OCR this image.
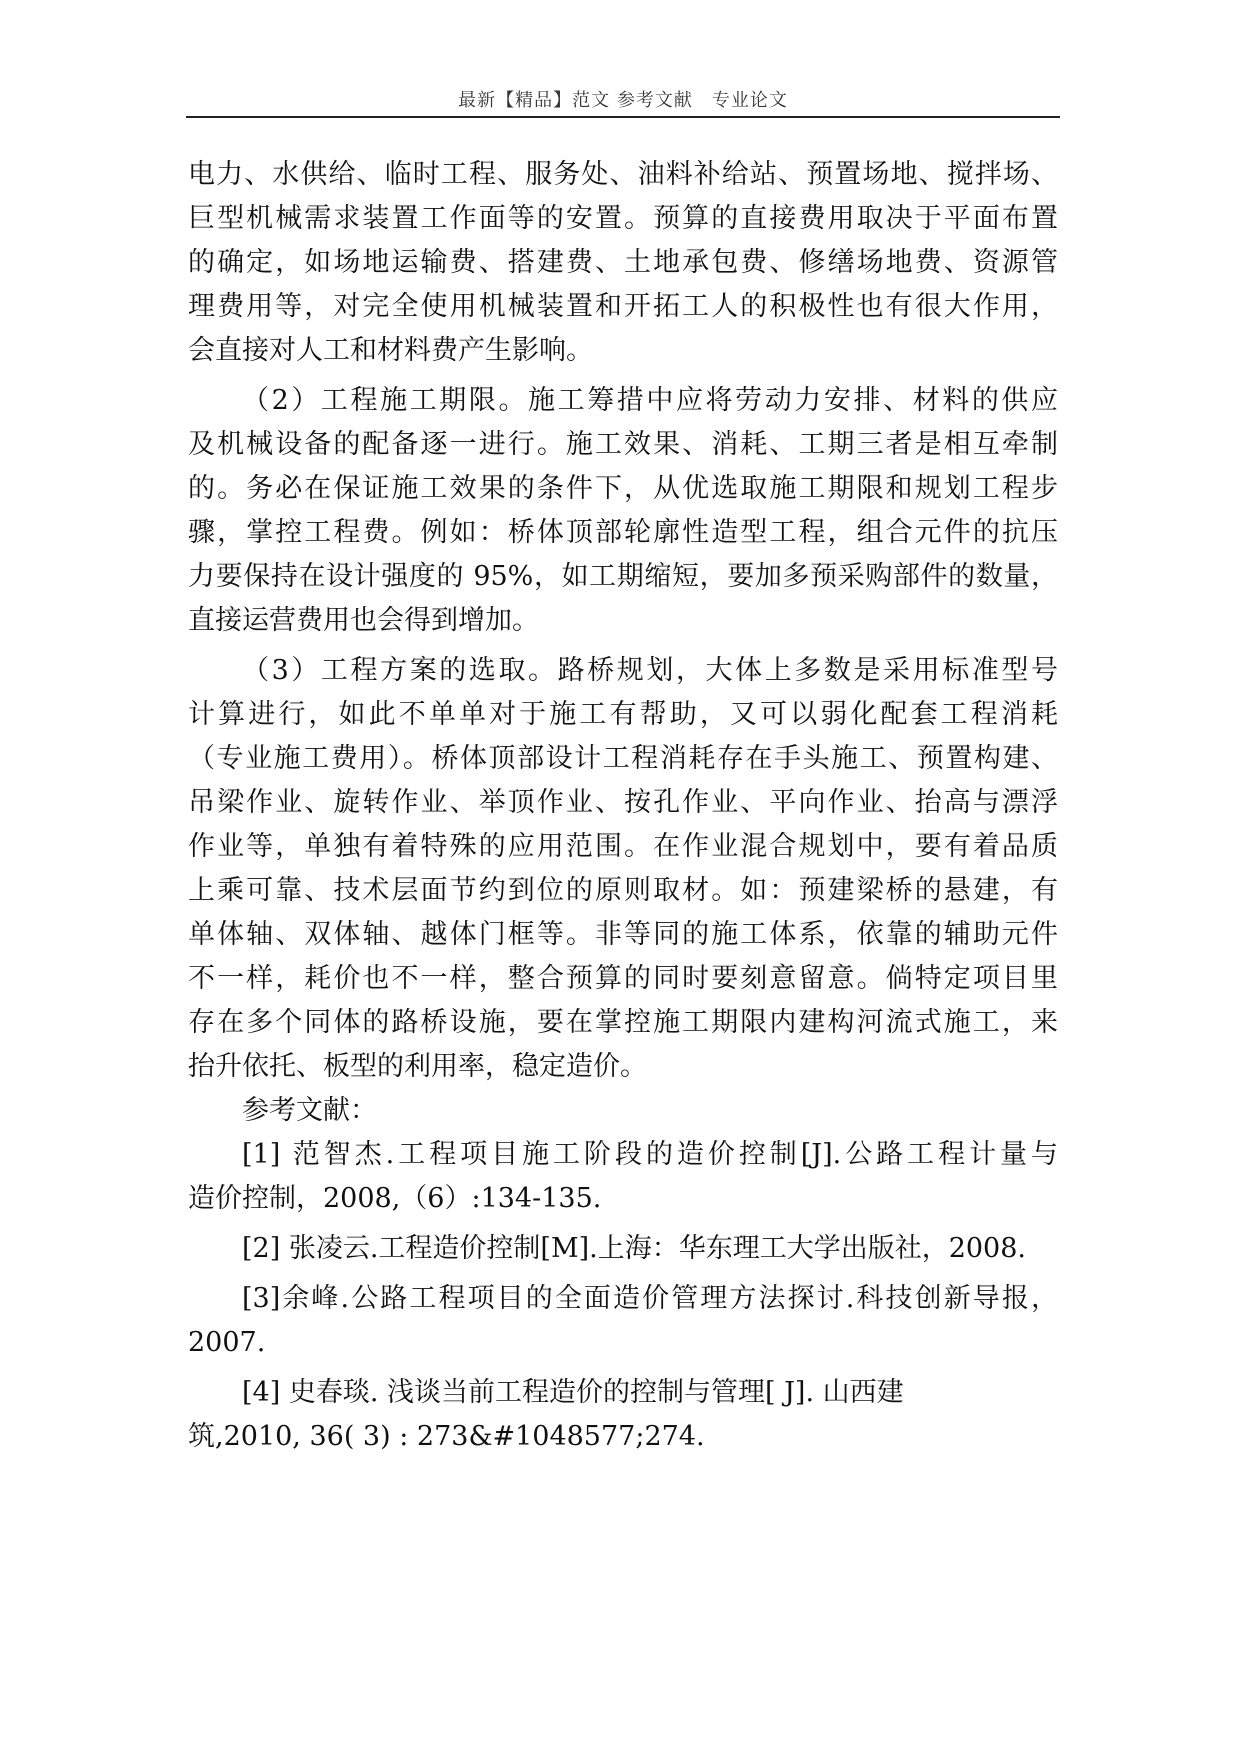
最新【精品】范文 参考文献　专业论文
电力、水供给、临时工程、服务处、油料补给站、预置场地、搅拌场、
巨型机械需求装置工作面等的安置。预算的直接费用取决于平面布置
的确定，如场地运输费、搭建费、土地承包费、修缮场地费、资源管
理费用等，对完全使用机械装置和开拓工人的积极性也有很大作用，
会直接对人工和材料费产生影响。
（2）工程施工期限。施工筹措中应将劳动力安排、材料的供应
及机械设备的配备逐一进行。施工效果、消耗、工期三者是相互牵制
的。务必在保证施工效果的条件下，从优选取施工期限和规划工程步
骤，掌控工程费。例如：桥体顶部轮廓性造型工程，组合元件的抗压
力要保持在设计强度的 95%，如工期缩短，要加多预采购部件的数量，
直接运营费用也会得到增加。
（3）工程方案的选取。路桥规划，大体上多数是采用标准型号
计算进行，如此不单单对于施工有帮助，又可以弱化配套工程消耗
（专业施工费用）。桥体顶部设计工程消耗存在手头施工、预置构建、
吊梁作业、旋转作业、举顶作业、按孔作业、平向作业、抬高与漂浮
作业等，单独有着特殊的应用范围。在作业混合规划中，要有着品质
上乘可靠、技术层面节约到位的原则取材。如：预建梁桥的悬建，有
单体轴、双体轴、越体门框等。非等同的施工体系，依靠的辅助元件
不一样，耗价也不一样，整合预算的同时要刻意留意。倘特定项目里
存在多个同体的路桥设施，要在掌控施工期限内建构河流式施工，来
抬升依托、板型的利用率，稳定造价。
参考文献：
[1] 范智杰.工程项目施工阶段的造价控制[J].公路工程计量与
造价控制，2008,（6）:134-135.
[2] 张凌云.工程造价控制[M].上海：华东理工大学出版社，2008.
[3]余峰.公路工程项目的全面造价管理方法探讨.科技创新导报，
2007.
[4] 史春琰. 浅谈当前工程造价的控制与管理[ J]. 山西建
筑,2010, 36( 3) : 273&#1048577;274.
